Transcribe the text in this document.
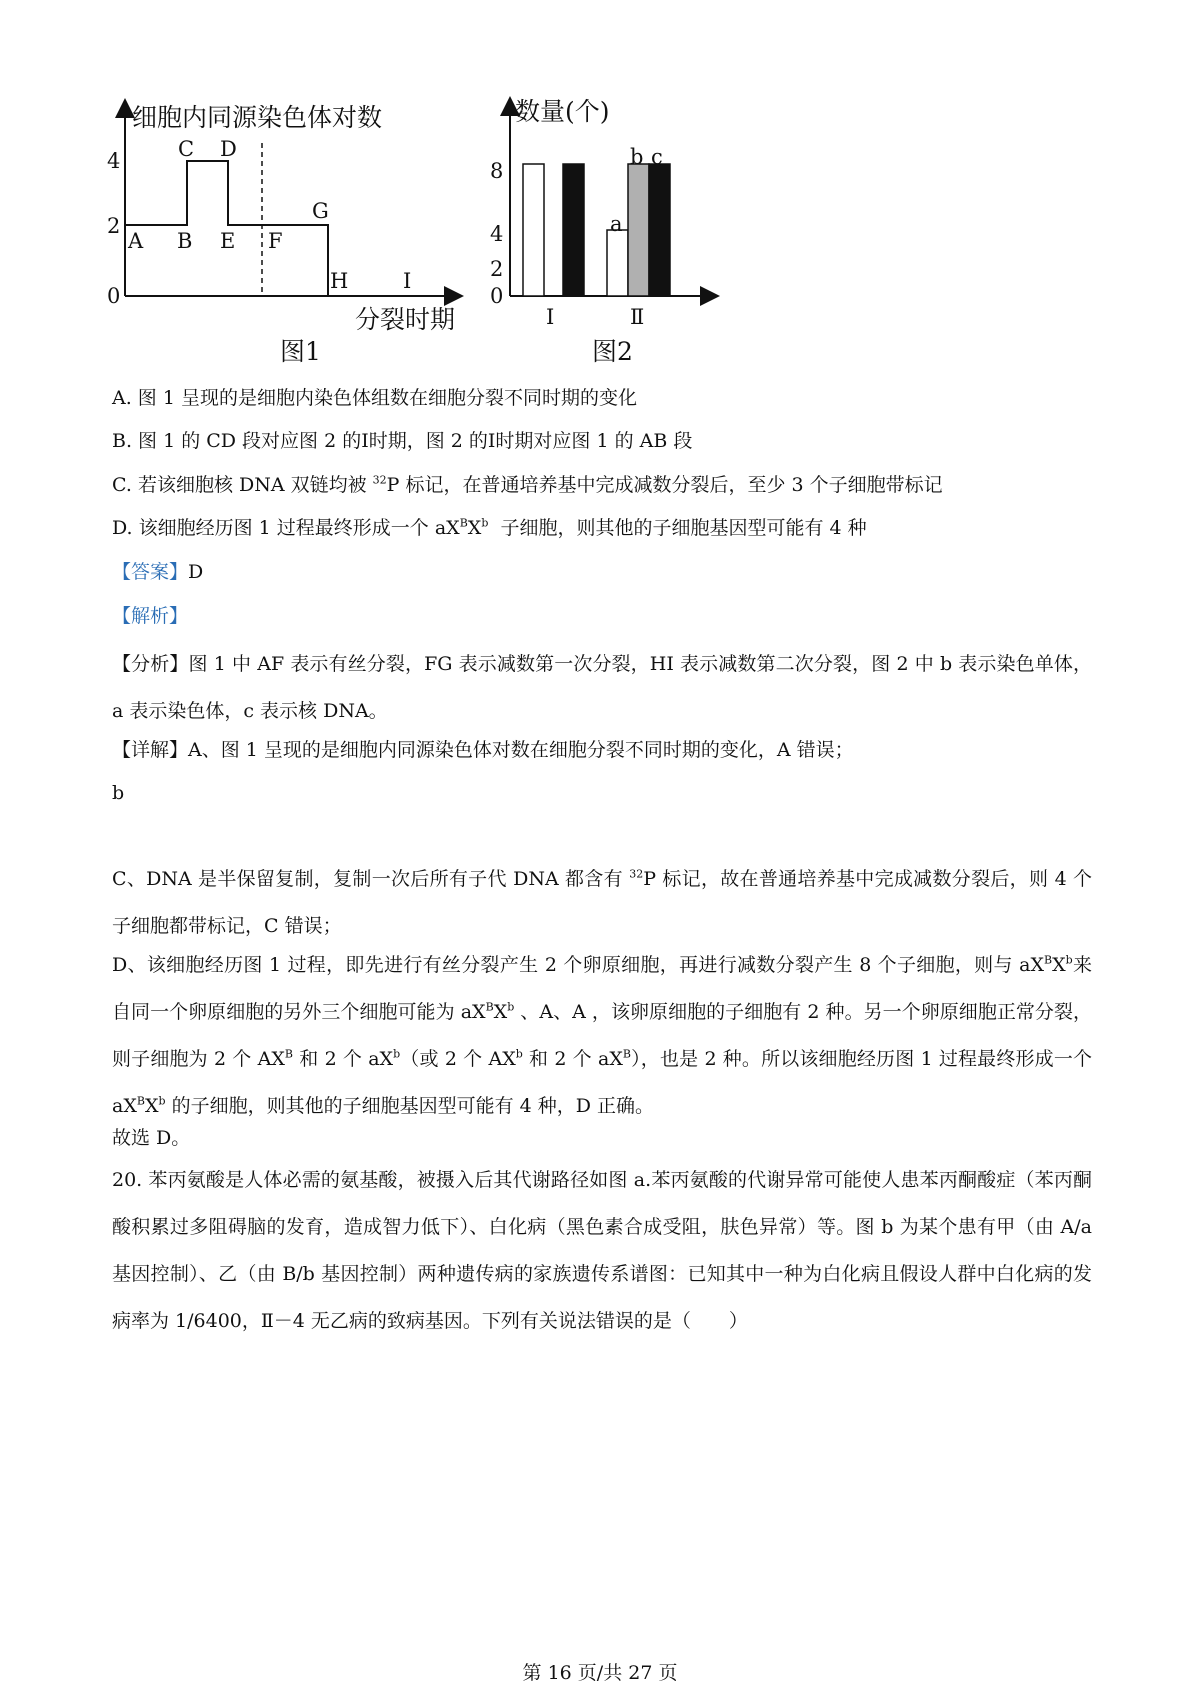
细胞内同源染色体对数
分裂时期
0
2
4
A B
C D
E F
G
H	I
图1
数量(个)
0
2
4
8
a
b c
Ⅰ	Ⅱ
图2
A. 图 1 呈现的是细胞内染色体组数在细胞分裂不同时期的变化
B. 图 1 的 CD 段对应图 2 的Ⅰ时期，图 2 的Ⅰ时期对应图 1 的 AB 段
C. 若该细胞核 DNA 双链均被 $^{32}$P 标记，在普通培养基中完成减数分裂后，至少 3 个子细胞带标记
D. 该细胞经历图 1 过程最终形成一个 $aX^BX^b$  子细胞，则其他的子细胞基因型可能有 4 种
【答案】D
【解析】
【分析】图 1 中 AF 表示有丝分裂，FG 表示减数第一次分裂，HI 表示减数第二次分裂，图 2 中 b 表示染色单体，a 表示染色体，c 表示核 DNA。
【详解】A、图 1 呈现的是细胞内同源染色体对数在细胞分裂不同时期的变化，A 错误；
b
C、DNA 是半保留复制，复制一次后所有子代 DNA 都含有 $^{32}$P 标记，故在普通培养基中完成减数分裂后，则 4 个子细胞都带标记，C 错误；
D、该细胞经历图 1 过程，即先进行有丝分裂产生 2 个卵原细胞，再进行减数分裂产生 8 个子细胞，则与 $aX^BX^b$来自同一个卵原细胞的另外三个细胞可能为 $aX^BX^b$ 、A、A ，该卵原细胞的子细胞有 2 种。另一个卵原细胞正常分裂，则子细胞为 2 个 $AX^B$ 和 2 个 $aX^b$（或 2 个 $AX^b$ 和 2 个 $aX^B$），也是 2 种。所以该细胞经历图 1 过程最终形成一个 $aX^BX^b$ 的子细胞，则其他的子细胞基因型可能有 4 种，D 正确。
故选 D。
20. 苯丙氨酸是人体必需的氨基酸，被摄入后其代谢路径如图 a.苯丙氨酸的代谢异常可能使人患苯丙酮酸症（苯丙酮酸积累过多阻碍脑的发育，造成智力低下）、白化病（黑色素合成受阻，肤色异常）等。图 b 为某个患有甲（由 A/a 基因控制）、乙（由 B/b 基因控制）两种遗传病的家族遗传系谱图：已知其中一种为白化病且假设人群中白化病的发病率为 1/6400，Ⅱ－4 无乙病的致病基因。下列有关说法错误的是（　　）
第 16 页/共 27 页
